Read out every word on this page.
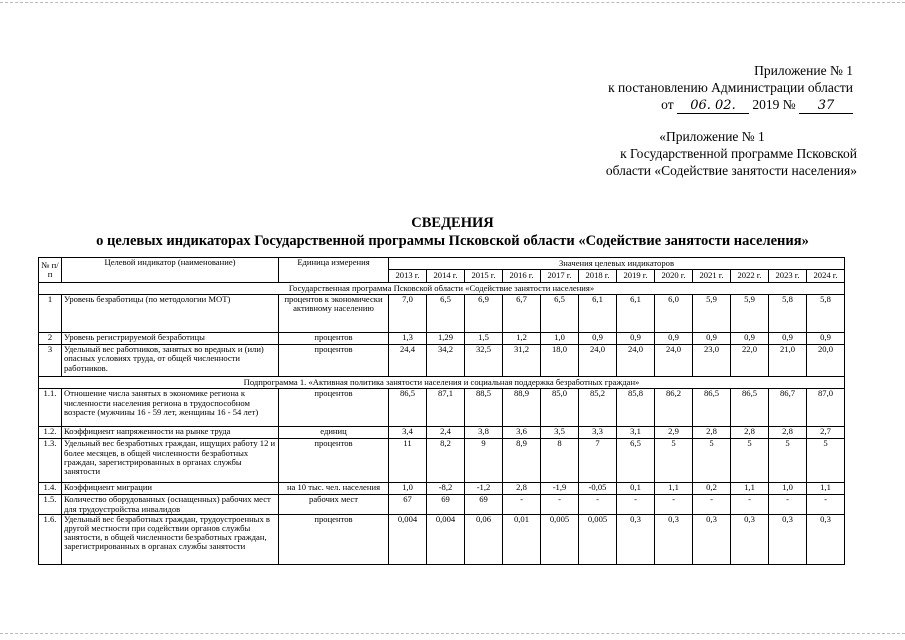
Приложение № 1
к постановлению Администрации области
от 06. 02. 2019 № 37
«Приложение № 1
к Государственной программе Псковской
области «Содействие занятости населения»
СВЕДЕНИЯ
о целевых индикаторах Государственной программы Псковской области «Содействие занятости населения»
№ п/п	Целевой индикатор (наименование)	Единица измерения	Значения целевых индикаторов											
			2013 г.	2014 г.	2015 г.	2016 г.	2017 г.	2018 г.	2019 г.	2020 г.	2021 г.	2022 г.	2023 г.	2024 г.
Государственная программа Псковской области «Содействие занятости населения»														
1	Уровень безработицы (по методологии МОТ)	процентов к экономически активному населению	7,0	6,5	6,9	6,7	6,5	6,1	6,1	6,0	5,9	5,9	5,8	5,8
2	Уровень регистрируемой безработицы	процентов	1,3	1,29	1,5	1,2	1,0	0,9	0,9	0,9	0,9	0,9	0,9	0,9
3	Удельный вес работников, занятых во вредных и (или) опасных условиях труда, от общей численности работников.	процентов	24,4	34,2	32,5	31,2	18,0	24,0	24,0	24,0	23,0	22,0	21,0	20,0
Подпрограмма 1. «Активная политика занятости населения и социальная поддержка безработных граждан»														
1.1.	Отношение числа занятых в экономике региона к численности населения региона в трудоспособном возрасте (мужчины 16 - 59 лет, женщины 16 - 54 лет)	процентов	86,5	87,1	88,5	88,9	85,0	85,2	85,8	86,2	86,5	86,5	86,7	87,0
1.2.	Коэффициент напряженности на рынке труда	единиц	3,4	2,4	3,8	3,6	3,5	3,3	3,1	2,9	2,8	2,8	2,8	2,7
1.3.	Удельный вес безработных граждан, ищущих работу 12 и более месяцев, в общей численности безработных граждан, зарегистрированных в органах службы занятости	процентов	11	8,2	9	8,9	8	7	6,5	5	5	5	5	5
1.4.	Коэффициент миграции	на 10 тыс. чел. населения	1,0	-8,2	-1,2	2,8	-1,9	-0,05	0,1	1,1	0,2	1,1	1,0	1,1
1.5.	Количество оборудованных (оснащенных) рабочих мест для трудоустройства инвалидов	рабочих мест	67	69	69	-	-	-	-	-	-	-	-	-
1.6.	Удельный вес безработных граждан, трудоустроенных в другой местности при содействии органов службы занятости, в общей численности безработных граждан, зарегистрированных в органах службы занятости	процентов	0,004	0,004	0,06	0,01	0,005	0,005	0,3	0,3	0,3	0,3	0,3	0,3
